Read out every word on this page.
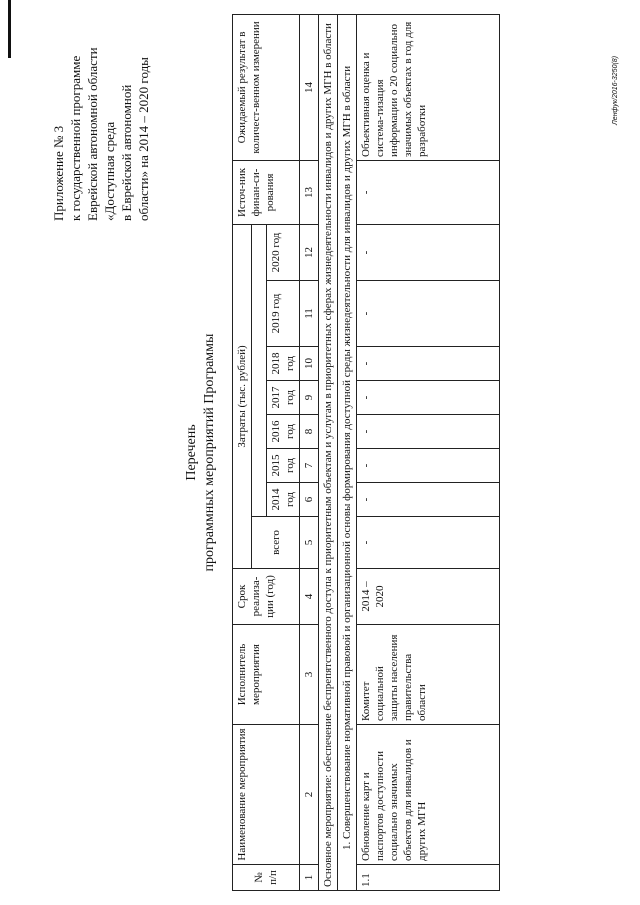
Приложение № 3 к государственной программе Еврейской автономной области «Доступная среда в Еврейской автономной области» на 2014 – 2020 годы
Перечень программных мероприятий Программы
№ п/п	Наименование мероприятия	Исполнитель мероприятия	Срок реализа-ции (год)	Затраты (тыс. рублей)								Источ-ник финан-си-рования	Ожидаемый результат в количест-венном измерении
				всего									
					2014 год	2015 год	2016 год	2017 год	2018 год	2019 год	2020 год		
1	2	3	4	5	6	7	8	9	10	11	12	13	14
Основное мероприятие: обеспечение беспрепятственного доступа к приоритетным объектам и услугам в приоритетных сферах жизнедеятельности инвалидов и других МГН в области													
1. Совершенствование нормативной правовой и организационной основы формирования доступной среды жизнедеятельности для инвалидов и других МГН в области													
1.1	Обновление карт и паспортов доступности социально значимых объектов для инвалидов и других МГН	Комитет социальной защиты населения правительства области	2014 – 2020	-	-	-	-	-	-	-	-	-	Объективная оценка и система-тизация информации о 20 социально значимых объектах в год для разработки
Ленфук/2016-3250(8)
